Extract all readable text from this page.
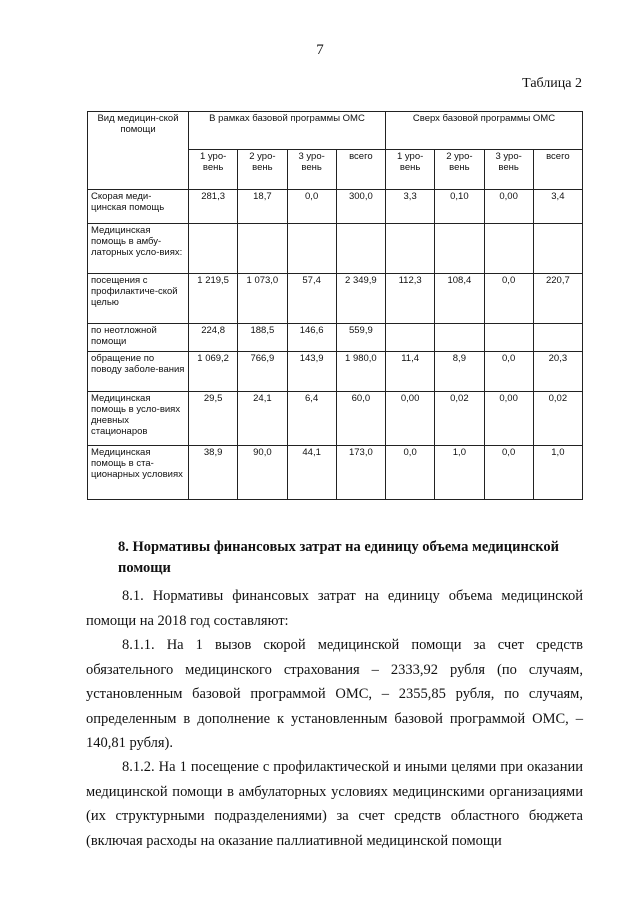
7
Таблица 2
Вид медицин-ской помощи	В рамках базовой программы ОМС				Сверх базовой программы ОМС			
	1 уро-вень	2 уро-вень	3 уро-вень	всего	1 уро-вень	2 уро-вень	3 уро-вень	всего
Скорая меди-цинская помощь	281,3	18,7	0,0	300,0	3,3	0,10	0,00	3,4
Медицинская помощь в амбу-латорных усло-виях:								
посещения с профилактиче-ской целью	1 219,5	1 073,0	57,4	2 349,9	112,3	108,4	0,0	220,7
по неотложной помощи	224,8	188,5	146,6	559,9				
обращение по поводу заболе-вания	1 069,2	766,9	143,9	1 980,0	11,4	8,9	0,0	20,3
Медицинская помощь в усло-виях дневных стационаров	29,5	24,1	6,4	60,0	0,00	0,02	0,00	0,02
Медицинская помощь в ста-ционарных условиях	38,9	90,0	44,1	173,0	0,0	1,0	0,0	1,0
8. Нормативы финансовых затрат на единицу объема медицинской помощи

8.1. Нормативы финансовых затрат на единицу объема медицинской помощи на 2018 год составляют:

8.1.1. На 1 вызов скорой медицинской помощи за счет средств обязательного медицинского страхования – 2333,92 рубля (по случаям, установленным базовой программой ОМС, – 2355,85 рубля, по случаям, определенным в дополнение к установленным базовой программой ОМС, – 140,81 рубля).

8.1.2. На 1 посещение с профилактической и иными целями при оказании медицинской помощи в амбулаторных условиях медицинскими организациями (их структурными подразделениями) за счет средств областного бюджета (включая расходы на оказание паллиативной медицинской помощи
